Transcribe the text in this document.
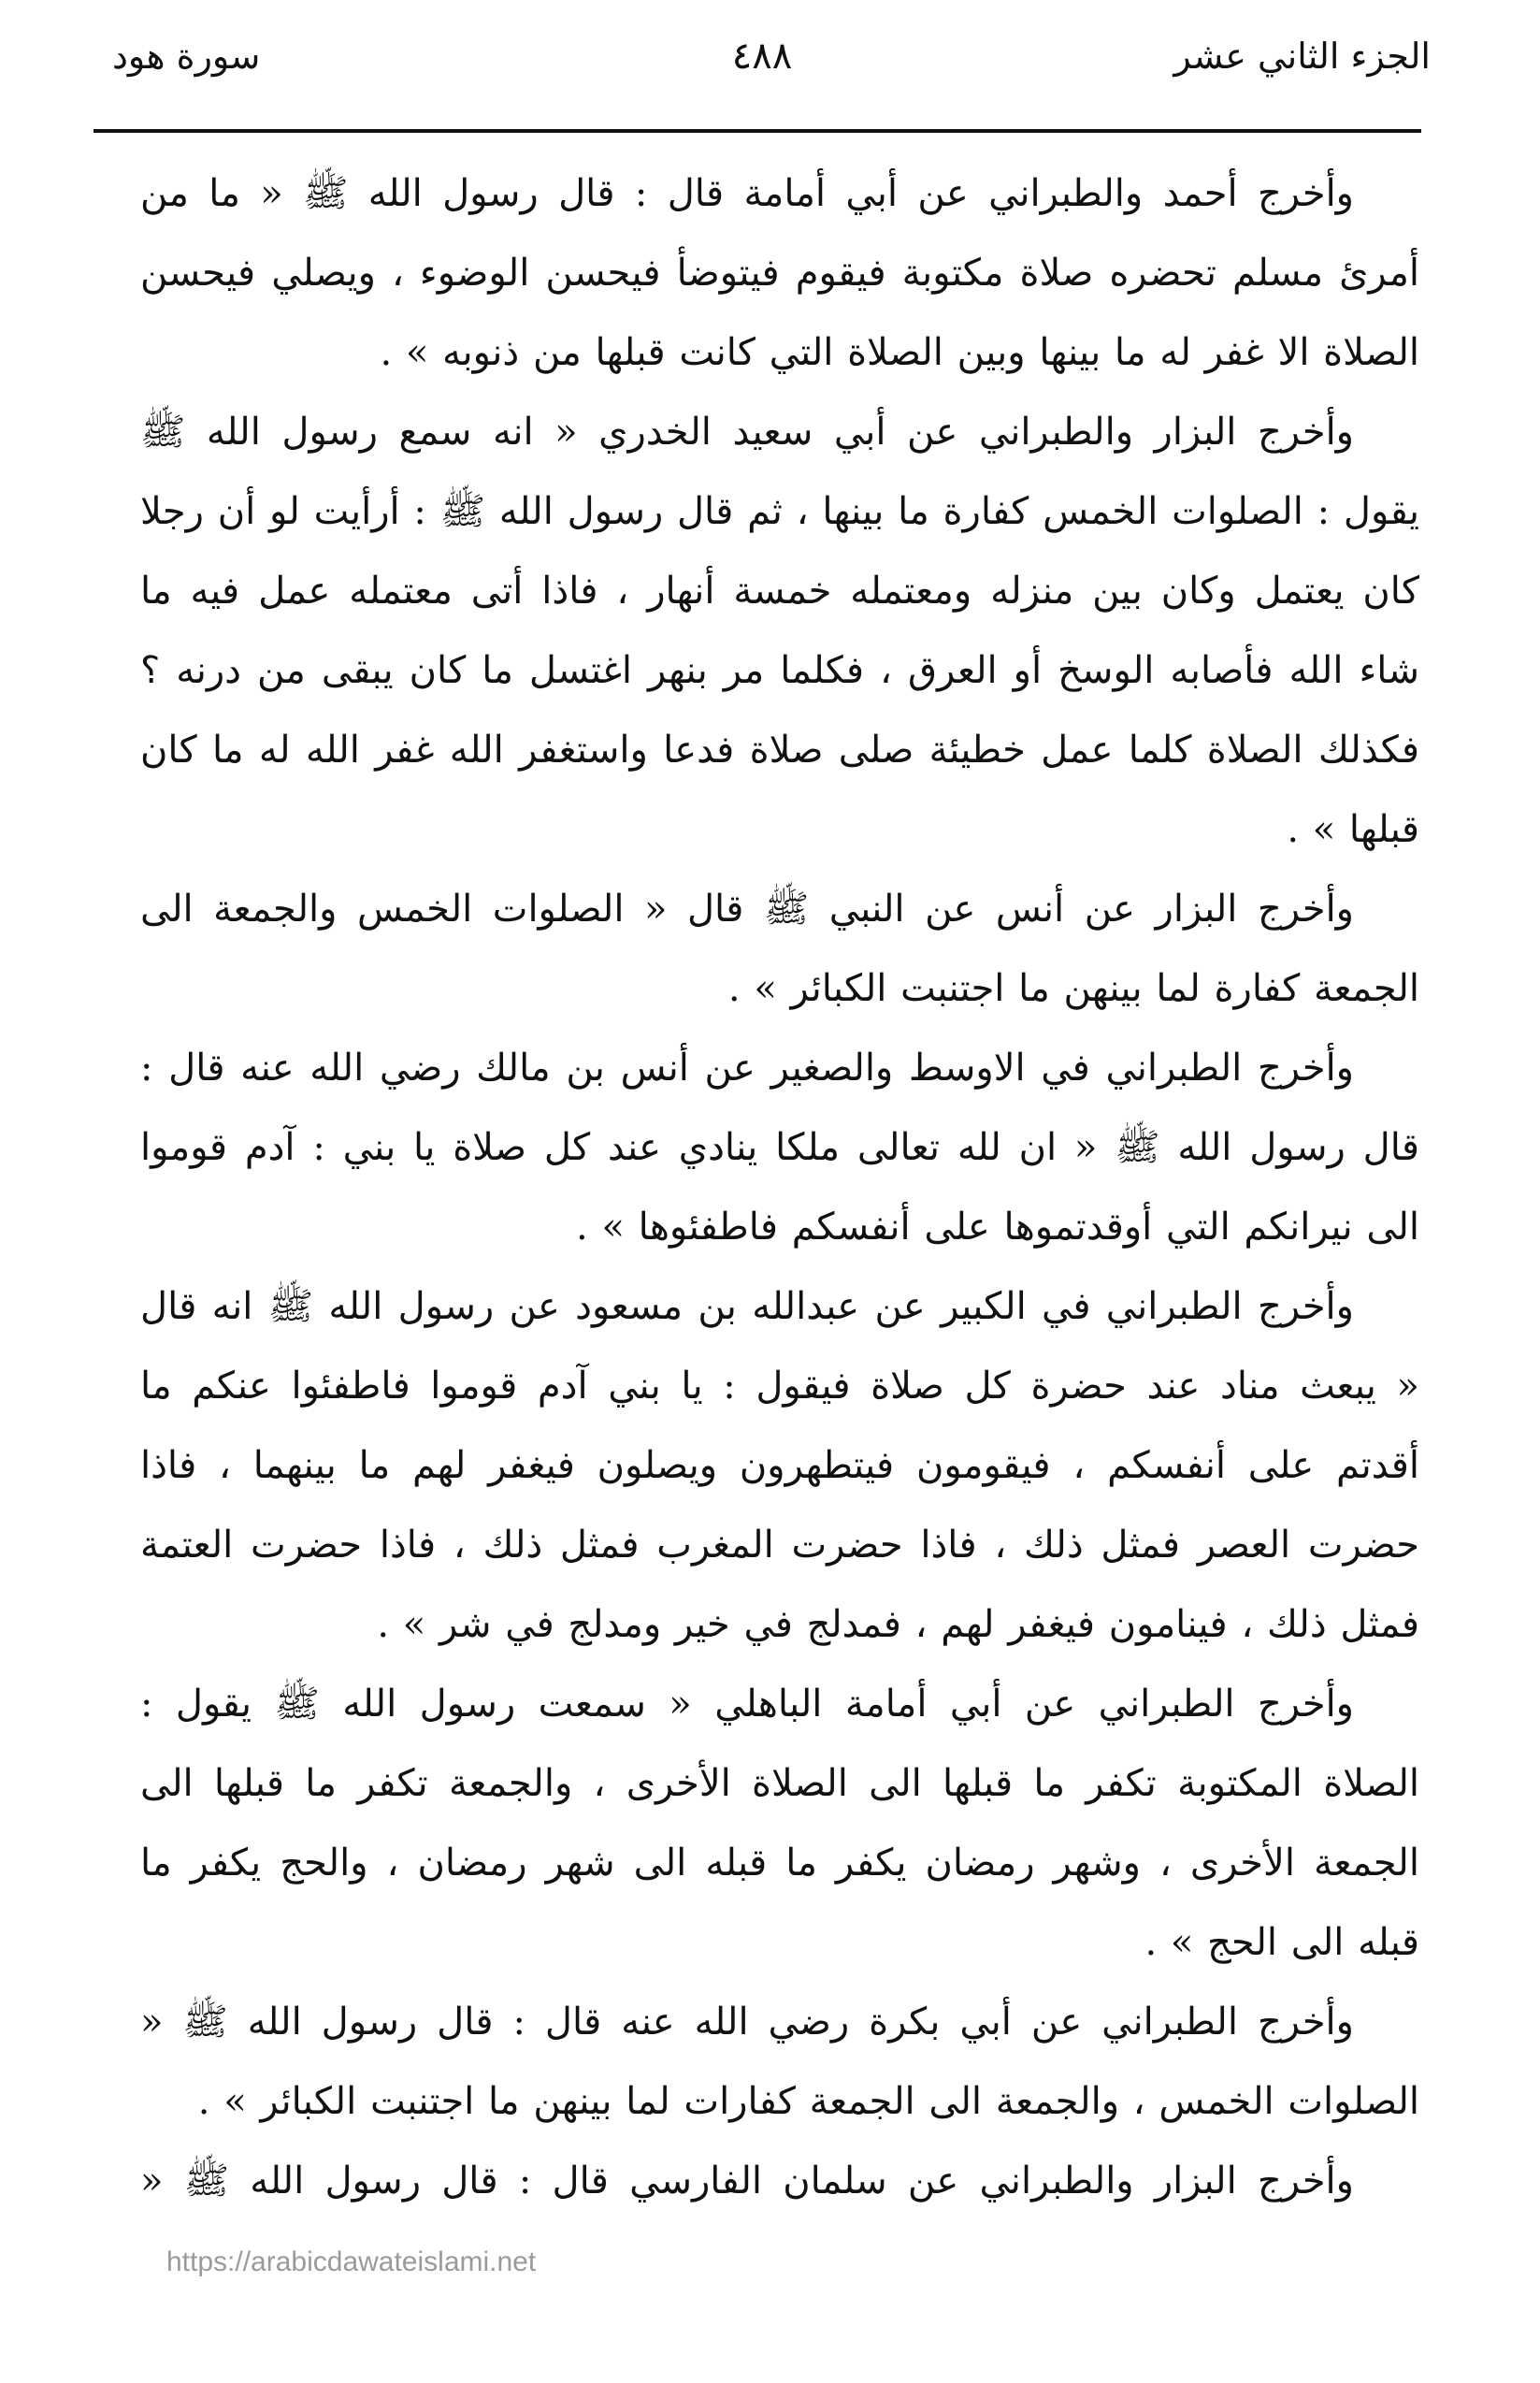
الجزء الثاني عشر
٤٨٨
سورة هود

وأخرج أحمد والطبراني عن أبي أمامة قال : قال رسول الله ﷺ « ما من أمرئ مسلم تحضره صلاة مكتوبة فيقوم فيتوضأ فيحسن الوضوء ، ويصلي فيحسن الصلاة الا غفر له ما بينها وبين الصلاة التي كانت قبلها من ذنوبه » .

وأخرج البزار والطبراني عن أبي سعيد الخدري « انه سمع رسول الله ﷺ يقول : الصلوات الخمس كفارة ما بينها ، ثم قال رسول الله ﷺ : أرأيت لو أن رجلا كان يعتمل وكان بين منزله ومعتمله خمسة أنهار ، فاذا أتى معتمله عمل فيه ما شاء الله فأصابه الوسخ أو العرق ، فكلما مر بنهر اغتسل ما كان يبقى من درنه ؟ فكذلك الصلاة كلما عمل خطيئة صلى صلاة فدعا واستغفر الله غفر الله له ما كان قبلها » .

وأخرج البزار عن أنس عن النبي ﷺ قال « الصلوات الخمس والجمعة الى الجمعة كفارة لما بينهن ما اجتنبت الكبائر » .

وأخرج الطبراني في الاوسط والصغير عن أنس بن مالك رضي الله عنه قال : قال رسول الله ﷺ « ان لله تعالى ملكا ينادي عند كل صلاة يا بني : آدم قوموا الى نيرانكم التي أوقدتموها على أنفسكم فاطفئوها » .

وأخرج الطبراني في الكبير عن عبدالله بن مسعود عن رسول الله ﷺ انه قال « يبعث مناد عند حضرة كل صلاة فيقول : يا بني آدم قوموا فاطفئوا عنكم ما أقدتم على أنفسكم ، فيقومون فيتطهرون ويصلون فيغفر لهم ما بينهما ، فاذا حضرت العصر فمثل ذلك ، فاذا حضرت المغرب فمثل ذلك ، فاذا حضرت العتمة فمثل ذلك ، فينامون فيغفر لهم ، فمدلج في خير ومدلج في شر » .

وأخرج الطبراني عن أبي أمامة الباهلي « سمعت رسول الله ﷺ يقول : الصلاة المكتوبة تكفر ما قبلها الى الصلاة الأخرى ، والجمعة تكفر ما قبلها الى الجمعة الأخرى ، وشهر رمضان يكفر ما قبله الى شهر رمضان ، والحج يكفر ما قبله الى الحج » .

وأخرج الطبراني عن أبي بكرة رضي الله عنه قال : قال رسول الله ﷺ « الصلوات الخمس ، والجمعة الى الجمعة كفارات لما بينهن ما اجتنبت الكبائر » .

وأخرج البزار والطبراني عن سلمان الفارسي قال : قال رسول الله ﷺ «

https://arabicdawateislami.net
